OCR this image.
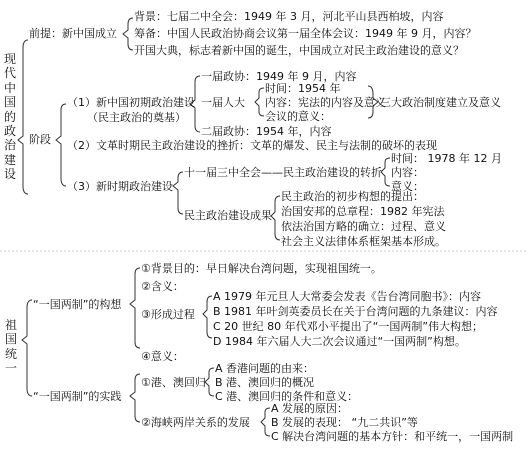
现代中国的政治建设
前提：新中国成立
背景：七届二中全会：1949 年 3 月，河北平山县西柏坡，内容
筹备：中国人民政治协商会议第一届全体会议：1949 年 9 月，内容？
开国大典，标志着新中国的诞生，中国成立对民主政治建设的意义？
阶段
（1）新中国初期政治建设
（民主政治的奠基）
一届政协：1949 年 9 月，内容
一届人大
时间：1954 年
内容：宪法的内容及意义
会议的意义：
二届政协：1954 年，内容
三大政治制度建立及意义
（2）文革时期民主政治建设的挫折：文革的爆发、民主与法制的破坏的表现
（3）新时期政治建设
十一届三中全会——民主政治建设的转折
时间： 1978 年 12 月
内容：
意义：
民主政治建设成果
民主政治的初步构想的提出：
治国安邦的总章程：1982 年宪法
依法治国方略的确立：过程、意义
社会主义法律体系框架基本形成。
祖国统一
“一国两制”的构想
①背景目的：早日解决台湾问题，实现祖国统一。
②含义：
③形成过程
A 1979 年元旦人大常委会发表《告台湾同胞书》：内容
B 1981 年叶剑英委员长在关于台湾问题的九条建议：内容
C 20 世纪 80 年代邓小平提出了“一国两制”伟大构想；
D 1984 年六届人大二次会议通过“一国两制”构想。
④意义：
“一国两制”的实践
①港、澳回归
A 香港问题的由来：
B 港、澳回归的概况
C 港、澳回归的条件和意义：
②海峡两岸关系的发展
A 发展的原因：
B 发展的表现： “九二共识”等
C 解决台湾问题的基本方针：和平统一，一国两制
